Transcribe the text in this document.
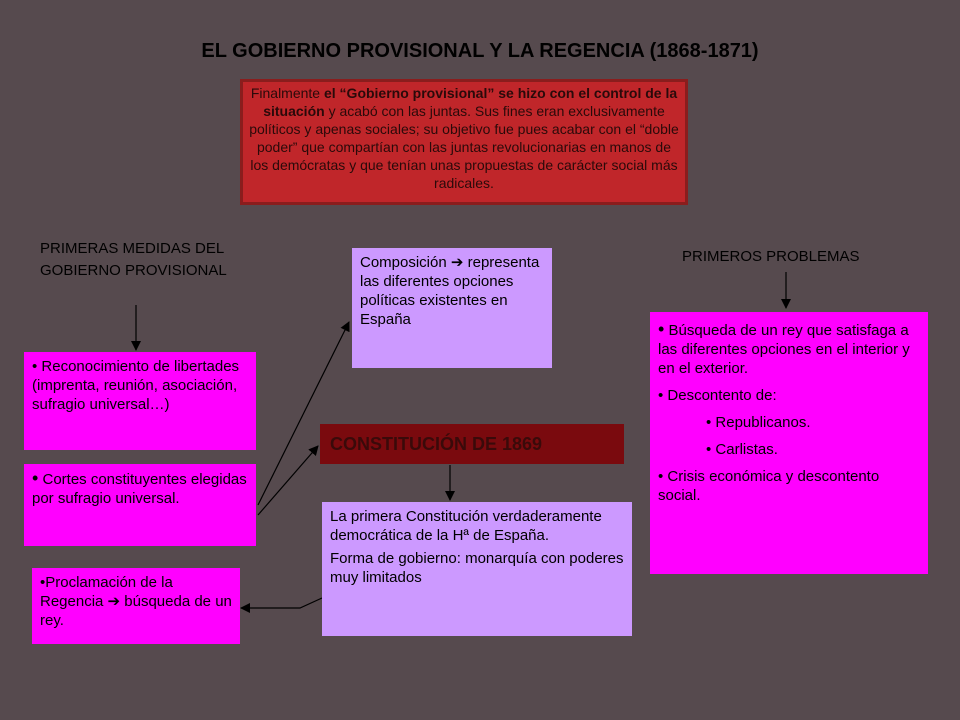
EL GOBIERNO PROVISIONAL Y LA REGENCIA (1868-1871)
Finalmente el “Gobierno provisional” se hizo con el control de la situación y acabó con las juntas. Sus fines eran exclusivamente políticos y apenas sociales; su objetivo fue pues acabar con el “doble poder” que compartían con las juntas revolucionarias en manos de los demócratas y que tenían unas propuestas de carácter social más radicales.
PRIMERAS MEDIDAS DEL GOBIERNO PROVISIONAL
• Reconocimiento de libertades (imprenta, reunión, asociación, sufragio universal…)
• Cortes constituyentes elegidas por sufragio universal.
•Proclamación de la Regencia ➔ búsqueda de un rey.
Composición ➔ representa las diferentes opciones políticas existentes en España
CONSTITUCIÓN DE 1869

La primera Constitución verdaderamente democrática de la Hª de España.

Forma de gobierno: monarquía con poderes muy limitados

PRIMEROS PROBLEMAS

• Búsqueda de un rey que satisfaga a las diferentes opciones en el interior y en el exterior.

• Descontento de:

• Republicanos.

• Carlistas.

• Crisis económica y descontento social.
